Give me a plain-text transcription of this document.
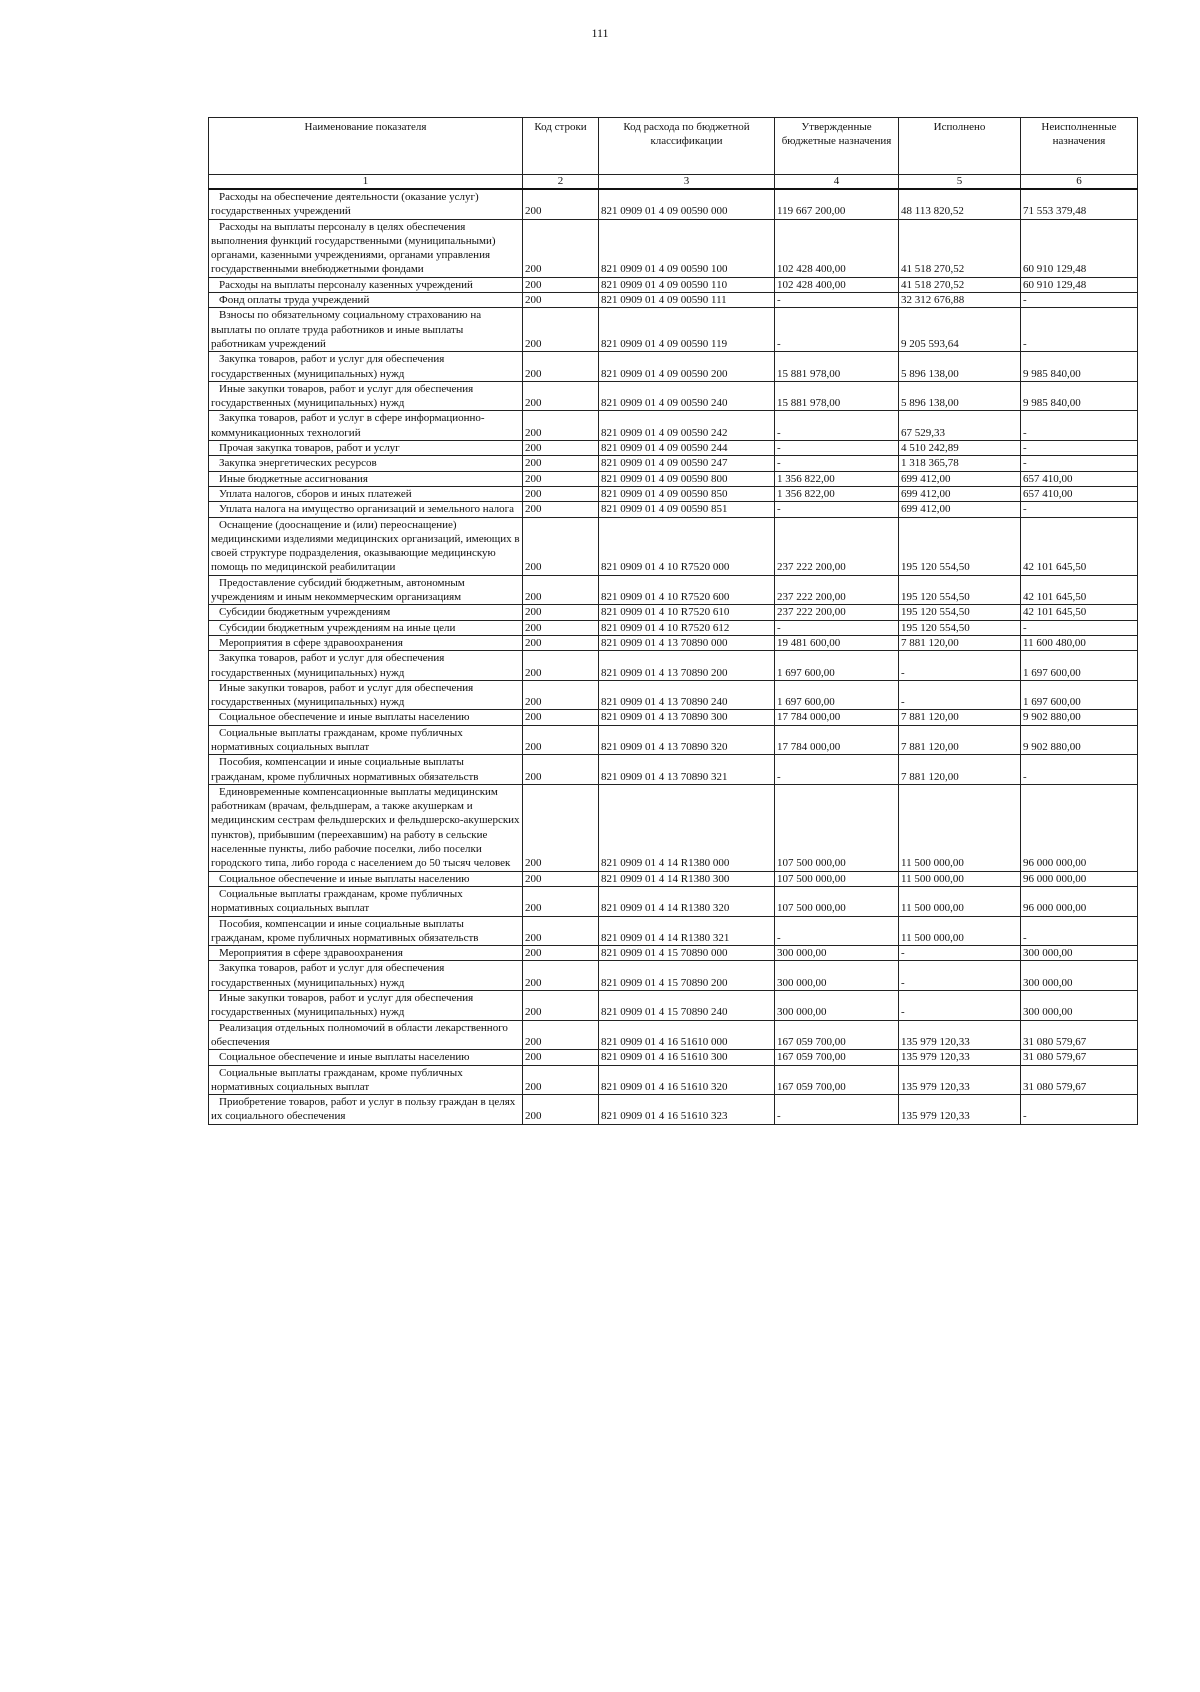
111
Наименование показателя	Код строки	Код расхода по бюджетной классификации	Утвержденные бюджетные назначения	Исполнено	Неисполненные назначения
1	2	3	4	5	6
Расходы на обеспечение деятельности (оказание услуг) государственных учреждений	200	821 0909 01 4 09 00590 000	119 667 200,00	48 113 820,52	71 553 379,48
Расходы на выплаты персоналу в целях обеспечения выполнения функций государственными (муниципальными) органами, казенными учреждениями, органами управления государственными внебюджетными фондами	200	821 0909 01 4 09 00590 100	102 428 400,00	41 518 270,52	60 910 129,48
Расходы на выплаты персоналу казенных учреждений	200	821 0909 01 4 09 00590 110	102 428 400,00	41 518 270,52	60 910 129,48
Фонд оплаты труда учреждений	200	821 0909 01 4 09 00590 111	-	32 312 676,88	-
Взносы по обязательному социальному страхованию на выплаты по оплате труда работников и иные выплаты работникам учреждений	200	821 0909 01 4 09 00590 119	-	9 205 593,64	-
Закупка товаров, работ и услуг для обеспечения государственных (муниципальных) нужд	200	821 0909 01 4 09 00590 200	15 881 978,00	5 896 138,00	9 985 840,00
Иные закупки товаров, работ и услуг для обеспечения государственных (муниципальных) нужд	200	821 0909 01 4 09 00590 240	15 881 978,00	5 896 138,00	9 985 840,00
Закупка товаров, работ и услуг в сфере информационно-коммуникационных технологий	200	821 0909 01 4 09 00590 242	-	67 529,33	-
Прочая закупка товаров, работ и услуг	200	821 0909 01 4 09 00590 244	-	4 510 242,89	-
Закупка энергетических ресурсов	200	821 0909 01 4 09 00590 247	-	1 318 365,78	-
Иные бюджетные ассигнования	200	821 0909 01 4 09 00590 800	1 356 822,00	699 412,00	657 410,00
Уплата налогов, сборов и иных платежей	200	821 0909 01 4 09 00590 850	1 356 822,00	699 412,00	657 410,00
Уплата налога на имущество организаций и земельного налога	200	821 0909 01 4 09 00590 851	-	699 412,00	-
Оснащение (дооснащение и (или) переоснащение) медицинскими изделиями медицинских организаций, имеющих в своей структуре подразделения, оказывающие медицинскую помощь по медицинской реабилитации	200	821 0909 01 4 10 R7520 000	237 222 200,00	195 120 554,50	42 101 645,50
Предоставление субсидий бюджетным, автономным учреждениям и иным некоммерческим организациям	200	821 0909 01 4 10 R7520 600	237 222 200,00	195 120 554,50	42 101 645,50
Субсидии бюджетным учреждениям	200	821 0909 01 4 10 R7520 610	237 222 200,00	195 120 554,50	42 101 645,50
Субсидии бюджетным учреждениям на иные цели	200	821 0909 01 4 10 R7520 612	-	195 120 554,50	-
Мероприятия в сфере здравоохранения	200	821 0909 01 4 13 70890 000	19 481 600,00	7 881 120,00	11 600 480,00
Закупка товаров, работ и услуг для обеспечения государственных (муниципальных) нужд	200	821 0909 01 4 13 70890 200	1 697 600,00	-	1 697 600,00
Иные закупки товаров, работ и услуг для обеспечения государственных (муниципальных) нужд	200	821 0909 01 4 13 70890 240	1 697 600,00	-	1 697 600,00
Социальное обеспечение и иные выплаты населению	200	821 0909 01 4 13 70890 300	17 784 000,00	7 881 120,00	9 902 880,00
Социальные выплаты гражданам, кроме публичных нормативных социальных выплат	200	821 0909 01 4 13 70890 320	17 784 000,00	7 881 120,00	9 902 880,00
Пособия, компенсации и иные социальные выплаты гражданам, кроме публичных нормативных обязательств	200	821 0909 01 4 13 70890 321	-	7 881 120,00	-
Единовременные компенсационные выплаты медицинским работникам (врачам, фельдшерам, а также акушеркам и медицинским сестрам фельдшерских и фельдшерско-акушерских пунктов), прибывшим (переехавшим) на работу в сельские населенные пункты, либо рабочие поселки, либо поселки городского типа, либо города с населением до 50 тысяч человек	200	821 0909 01 4 14 R1380 000	107 500 000,00	11 500 000,00	96 000 000,00
Социальное обеспечение и иные выплаты населению	200	821 0909 01 4 14 R1380 300	107 500 000,00	11 500 000,00	96 000 000,00
Социальные выплаты гражданам, кроме публичных нормативных социальных выплат	200	821 0909 01 4 14 R1380 320	107 500 000,00	11 500 000,00	96 000 000,00
Пособия, компенсации и иные социальные выплаты гражданам, кроме публичных нормативных обязательств	200	821 0909 01 4 14 R1380 321	-	11 500 000,00	-
Мероприятия в сфере здравоохранения	200	821 0909 01 4 15 70890 000	300 000,00	-	300 000,00
Закупка товаров, работ и услуг для обеспечения государственных (муниципальных) нужд	200	821 0909 01 4 15 70890 200	300 000,00	-	300 000,00
Иные закупки товаров, работ и услуг для обеспечения государственных (муниципальных) нужд	200	821 0909 01 4 15 70890 240	300 000,00	-	300 000,00
Реализация отдельных полномочий в области лекарственного обеспечения	200	821 0909 01 4 16 51610 000	167 059 700,00	135 979 120,33	31 080 579,67
Социальное обеспечение и иные выплаты населению	200	821 0909 01 4 16 51610 300	167 059 700,00	135 979 120,33	31 080 579,67
Социальные выплаты гражданам, кроме публичных нормативных социальных выплат	200	821 0909 01 4 16 51610 320	167 059 700,00	135 979 120,33	31 080 579,67
Приобретение товаров, работ и услуг в пользу граждан в целях их социального обеспечения	200	821 0909 01 4 16 51610 323	-	135 979 120,33	-
